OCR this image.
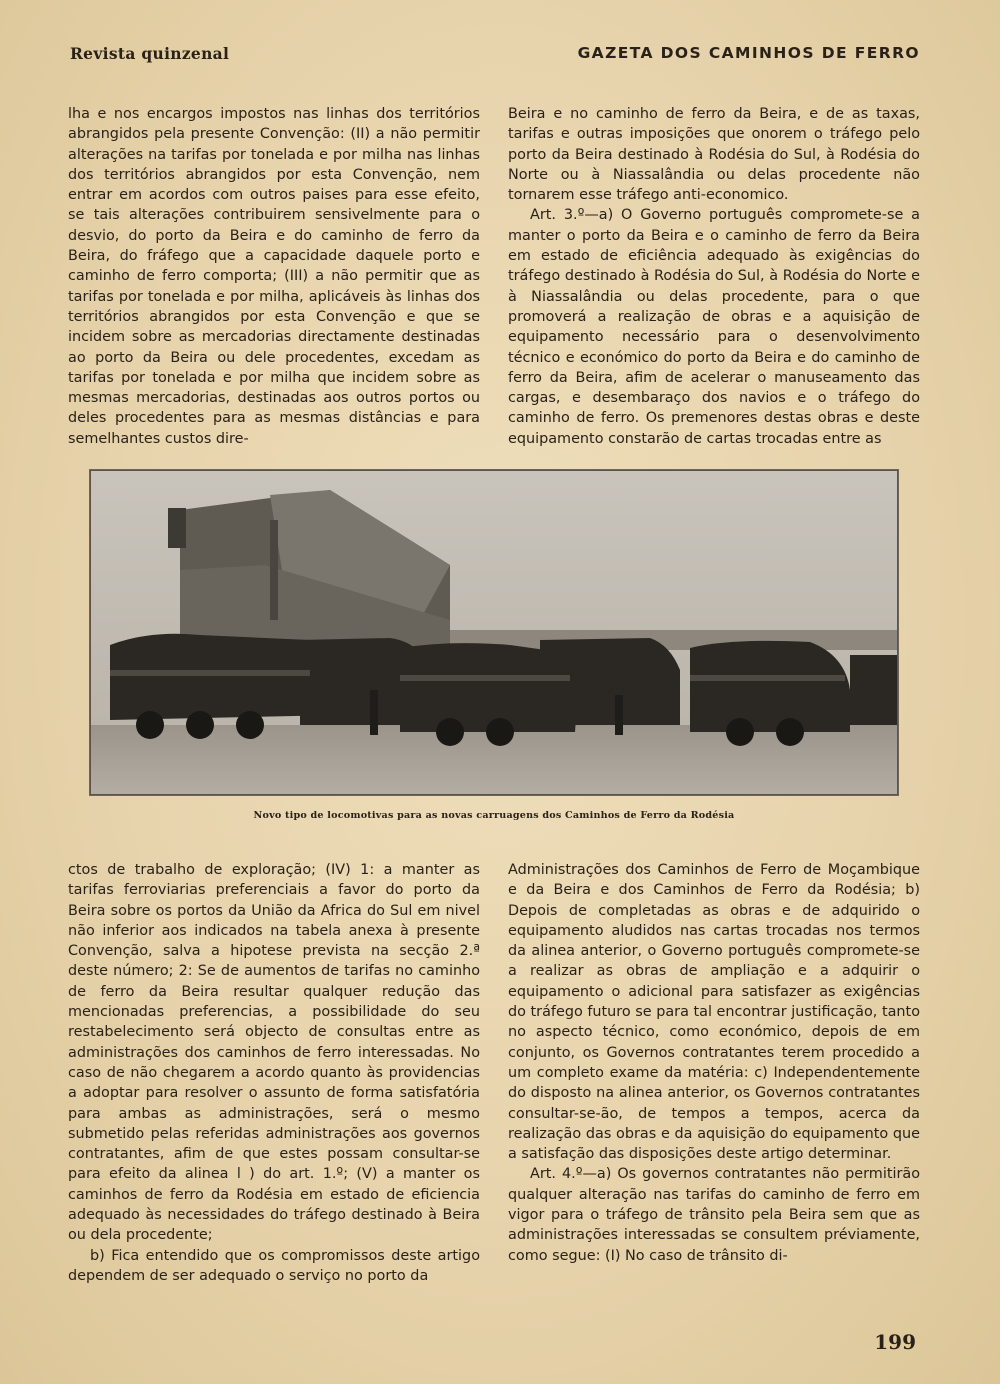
Revista quinzenal	GAZETA DOS CAMINHOS DE FERRO

lha e nos encargos impostos nas linhas dos territórios abrangidos pela presente Convenção: (II) a não permitir alterações na tarifas por tonelada e por milha nas linhas dos territórios abrangidos por esta Convenção, nem entrar em acordos com outros paises para esse efeito, se tais alterações contribuirem sensivelmente para o desvio, do porto da Beira e do caminho de ferro da Beira, do fráfego que a capacidade daquele porto e caminho de ferro comporta; (III) a não permitir que as tarifas por tonelada e por milha, aplicáveis às linhas dos territórios abrangidos por esta Convenção e que se incidem sobre as mercadorias directamente destinadas ao porto da Beira ou dele procedentes, excedam as tarifas por tonelada e por milha que incidem sobre as mesmas mercadorias, destinadas aos outros portos ou deles procedentes para as mesmas distâncias e para semelhantes custos dire-

Beira e no caminho de ferro da Beira, e de as taxas, tarifas e outras imposições que onorem o tráfego pelo porto da Beira destinado à Rodésia do Sul, à Rodésia do Norte ou à Niassalândia ou delas procedente não tornarem esse tráfego anti-economico.

Art. 3.º—a) O Governo português compromete-se a manter o porto da Beira e o caminho de ferro da Beira em estado de eficiência adequado às exigências do tráfego destinado à Rodésia do Sul, à Rodésia do Norte e à Niassalândia ou delas procedente, para o que promoverá a realização de obras e a aquisição de equipamento necessário para o desenvolvimento técnico e económico do porto da Beira e do caminho de ferro da Beira, afim de acelerar o manuseamento das cargas, e desembaraço dos navios e o tráfego do caminho de ferro. Os premenores destas obras e deste equipamento constarão de cartas trocadas entre as

Novo tipo de locomotivas para as novas carruagens dos Caminhos de Ferro da Rodésia

ctos de trabalho de exploração; (IV) 1: a manter as tarifas ferroviarias preferenciais a favor do porto da Beira sobre os portos da União da Africa do Sul em nivel não inferior aos indicados na tabela anexa à presente Convenção, salva a hipotese prevista na secção 2.ª deste número; 2: Se de aumentos de tarifas no caminho de ferro da Beira resultar qualquer redução das mencionadas preferencias, a possibilidade do seu restabelecimento será objecto de consultas entre as administrações dos caminhos de ferro interessadas. No caso de não chegarem a acordo quanto às providencias a adoptar para resolver o assunto de forma satisfatória para ambas as administrações, será o mesmo submetido pelas referidas administrações aos governos contratantes, afim de que estes possam consultar-se para efeito da alinea l ) do art. 1.º; (V) a manter os caminhos de ferro da Rodésia em estado de eficiencia adequado às necessidades do tráfego destinado à Beira ou dela procedente;

b) Fica entendido que os compromissos deste artigo dependem de ser adequado o serviço no porto da

Administrações dos Caminhos de Ferro de Moçambique e da Beira e dos Caminhos de Ferro da Rodésia; b) Depois de completadas as obras e de adquirido o equipamento aludidos nas cartas trocadas nos termos da alinea anterior, o Governo português compromete-se a realizar as obras de ampliação e a adquirir o equipamento o adicional para satisfazer as exigências do tráfego futuro se para tal encontrar justificação, tanto no aspecto técnico, como económico, depois de em conjunto, os Governos contratantes terem procedido a um completo exame da matéria: c) Independentemente do disposto na alinea anterior, os Governos contratantes consultar-se-ão, de tempos a tempos, acerca da realização das obras e da aquisição do equipamento que a satisfação das disposições deste artigo determinar.

Art. 4.º—a) Os governos contratantes não permitirão qualquer alteração nas tarifas do caminho de ferro em vigor para o tráfego de trânsito pela Beira sem que as administrações interessadas se consultem préviamente, como segue: (I) No caso de trânsito di-

199
